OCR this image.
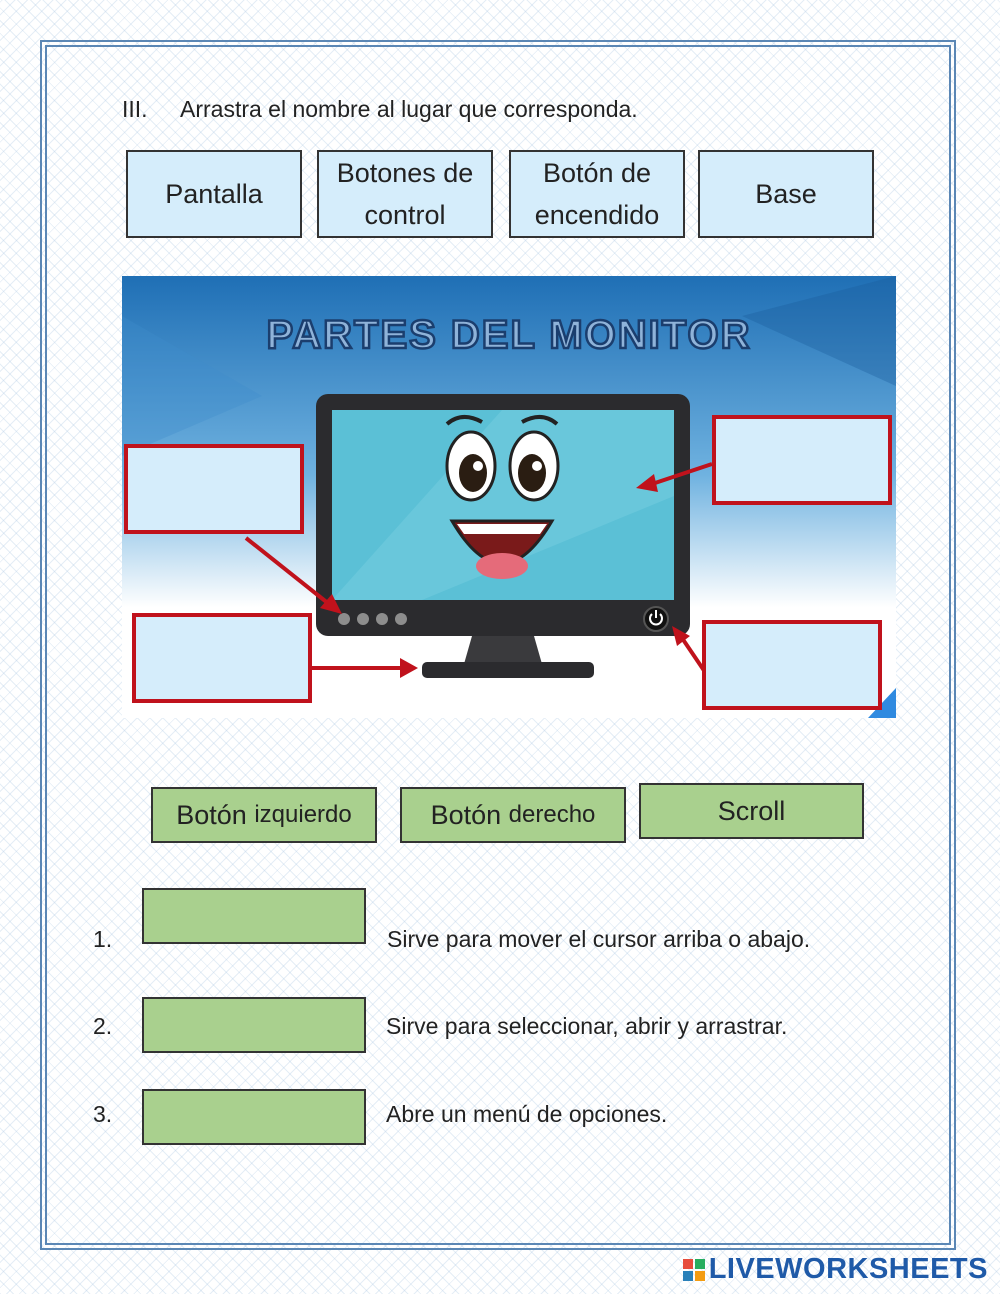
III. Arrastra el nombre al lugar que corresponda.
Pantalla
Botones de control
Botón de encendido
Base
PARTES DEL MONITOR
Botón
izquierdo	Botón
derecho	Scroll
1.	Sirve para mover el cursor arriba o abajo.
2.	Sirve para seleccionar, abrir y arrastrar.
3.	Abre un menú de opciones.
LIVEWORKSHEETS
